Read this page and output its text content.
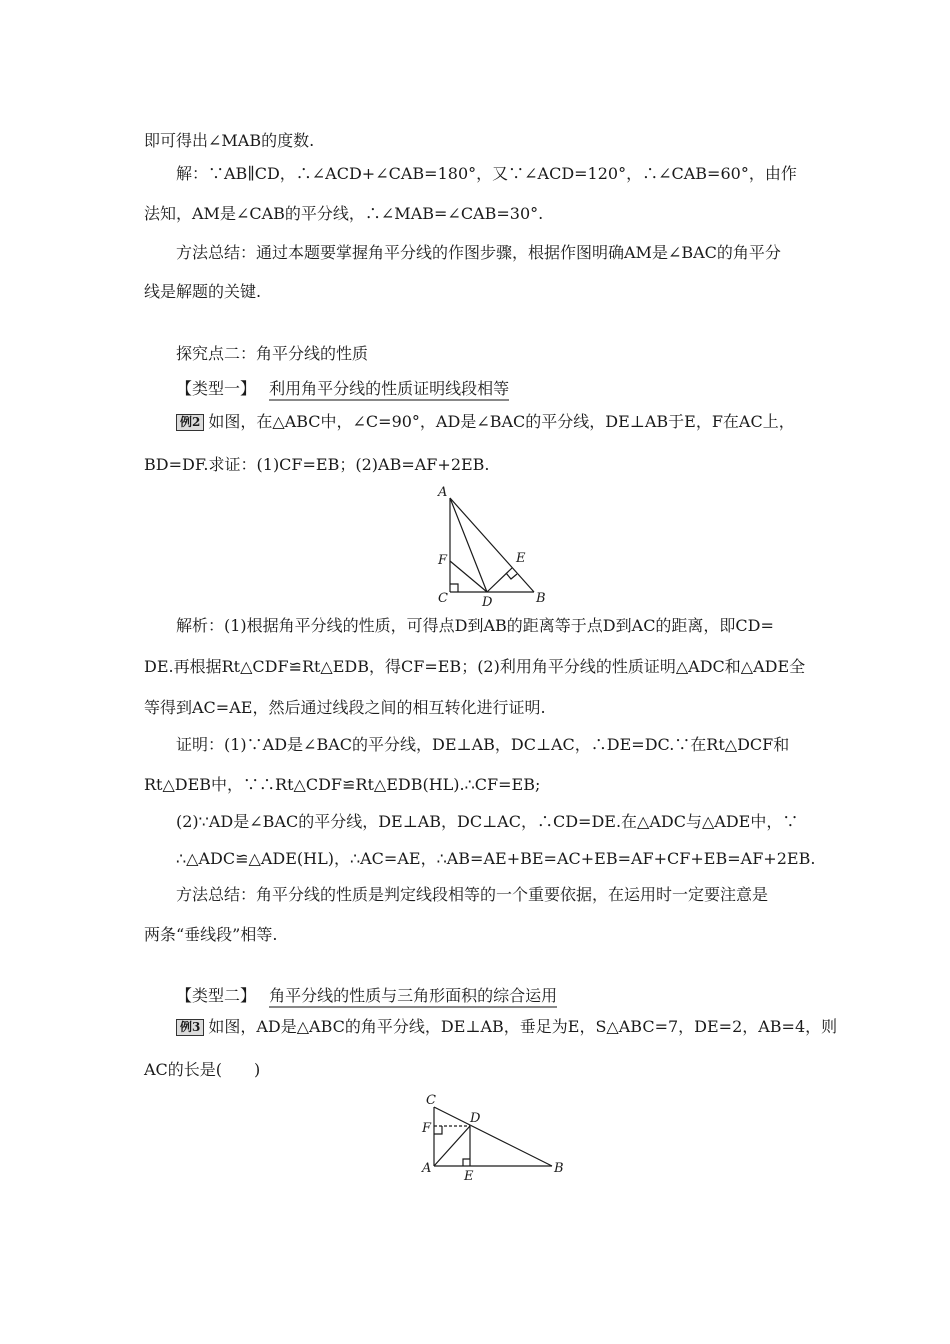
即可得出∠MAB的度数.
解：∵AB∥CD，∴∠ACD+∠CAB=180°，又∵∠ACD=120°，∴∠CAB=60°，由作
法知，AM是∠CAB的平分线，∴∠MAB=∠CAB=30°.
方法总结：通过本题要掌握角平分线的作图步骤，根据作图明确AM是∠BAC的角平分
线是解题的关键.
探究点二：角平分线的性质
【类型一】 利用角平分线的性质证明线段相等
例2 如图，在△ABC中，∠C=90°，AD是∠BAC的平分线，DE⊥AB于E，F在AC上，
BD=DF.求证：(1)CF=EB；(2)AB=AF+2EB.
A
F
C	D
E
B
解析：(1)根据角平分线的性质，可得点D到AB的距离等于点D到AC的距离，即CD=
DE.再根据Rt△CDF≌Rt△EDB，得CF=EB；(2)利用角平分线的性质证明△ADC和△ADE全
等得到AC=AE，然后通过线段之间的相互转化进行证明.
证明：(1)∵AD是∠BAC的平分线，DE⊥AB，DC⊥AC，∴DE=DC.∵在Rt△DCF和
Rt△DEB中，∵∴Rt△CDF≌Rt△EDB(HL).∴CF=EB;
(2)∵AD是∠BAC的平分线，DE⊥AB，DC⊥AC，∴CD=DE.在△ADC与△ADE中，∵
∴△ADC≌△ADE(HL)，∴AC=AE，∴AB=AE+BE=AC+EB=AF+CF+EB=AF+2EB.
方法总结：角平分线的性质是判定线段相等的一个重要依据，在运用时一定要注意是
两条“垂线段”相等.
【类型二】 角平分线的性质与三角形面积的综合运用
例3 如图，AD是△ABC的角平分线，DE⊥AB，垂足为E，S△ABC=7，DE=2，AB=4，则
AC的长是(　　)
C
D
F
A
E
B
